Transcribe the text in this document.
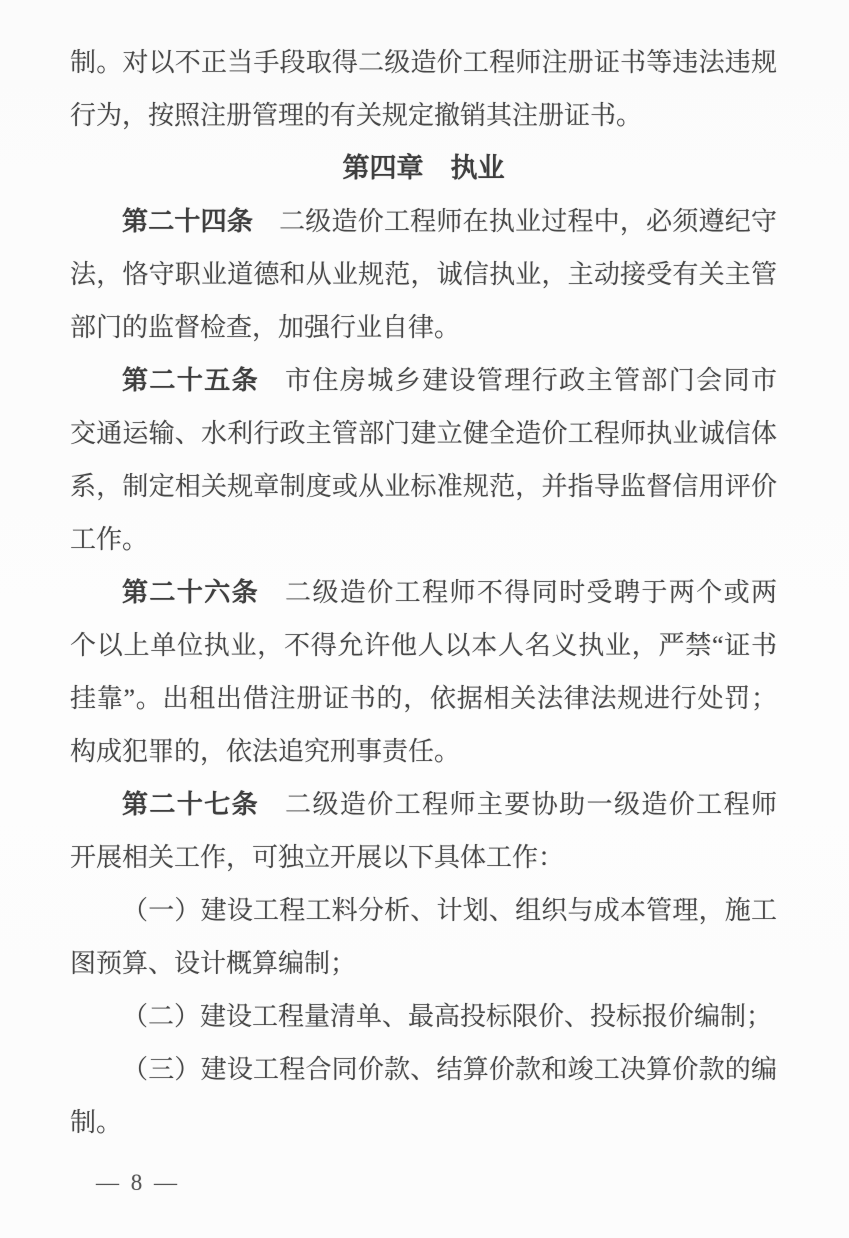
制。对以不正当手段取得二级造价工程师注册证书等违法违规
行为，按照注册管理的有关规定撤销其注册证书。
第四章　执业
第二十四条 二级造价工程师在执业过程中，必须遵纪守
法，恪守职业道德和从业规范，诚信执业，主动接受有关主管
部门的监督检查，加强行业自律。
第二十五条 市住房城乡建设管理行政主管部门会同市
交通运输、水利行政主管部门建立健全造价工程师执业诚信体
系，制定相关规章制度或从业标准规范，并指导监督信用评价
工作。
第二十六条 二级造价工程师不得同时受聘于两个或两
个以上单位执业，不得允许他人以本人名义执业，严禁“证书
挂靠”。出租出借注册证书的，依据相关法律法规进行处罚；
构成犯罪的，依法追究刑事责任。
第二十七条 二级造价工程师主要协助一级造价工程师
开展相关工作，可独立开展以下具体工作：
（一）建设工程工料分析、计划、组织与成本管理，施工
图预算、设计概算编制；
（二）建设工程量清单、最高投标限价、投标报价编制；
（三）建设工程合同价款、结算价款和竣工决算价款的编
制。
— 8 —
